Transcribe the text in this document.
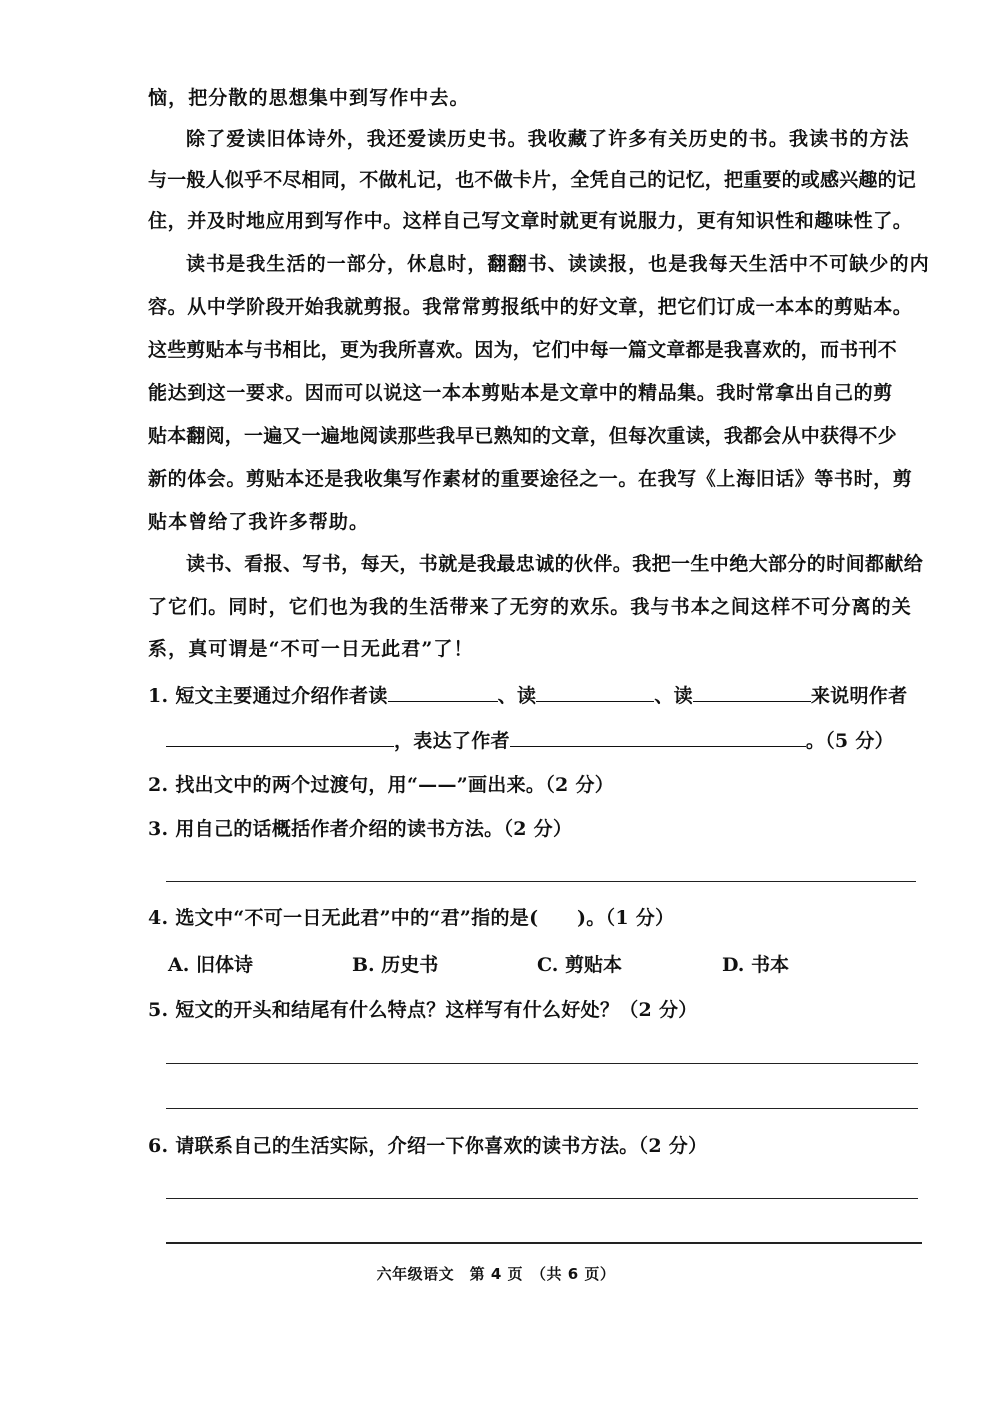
恼，把分散的思想集中到写作中去。
除了爱读旧体诗外，我还爱读历史书。我收藏了许多有关历史的书。我读书的方法
与一般人似乎不尽相同，不做札记，也不做卡片，全凭自己的记忆，把重要的或感兴趣的记
住，并及时地应用到写作中。这样自己写文章时就更有说服力，更有知识性和趣味性了。
读书是我生活的一部分，休息时，翻翻书、读读报，也是我每天生活中不可缺少的内
容。从中学阶段开始我就剪报。我常常剪报纸中的好文章，把它们订成一本本的剪贴本。
这些剪贴本与书相比，更为我所喜欢。因为，它们中每一篇文章都是我喜欢的，而书刊不
能达到这一要求。因而可以说这一本本剪贴本是文章中的精品集。我时常拿出自己的剪
贴本翻阅，一遍又一遍地阅读那些我早已熟知的文章，但每次重读，我都会从中获得不少
新的体会。剪贴本还是我收集写作素材的重要途径之一。在我写《上海旧话》等书时，剪
贴本曾给了我许多帮助。
读书、看报、写书，每天，书就是我最忠诚的伙伴。我把一生中绝大部分的时间都献给
了它们。同时，它们也为我的生活带来了无穷的欢乐。我与书本之间这样不可分离的关
系，真可谓是“不可一日无此君”了！
1. 短文主要通过介绍作者读	、读	、读	来说明作者
，表达了作者	。（5 分）
2. 找出文中的两个过渡句，用“——”画出来。（2 分）
3. 用自己的话概括作者介绍的读书方法。（2 分）
4. 选文中“不可一日无此君”中的“君”指的是(　　)。（1 分）
A. 旧体诗	B. 历史书	C. 剪贴本	D. 书本
5. 短文的开头和结尾有什么特点？这样写有什么好处？（2 分）
6. 请联系自己的生活实际，介绍一下你喜欢的读书方法。（2 分）
六年级语文　第 4 页　（共 6 页）
